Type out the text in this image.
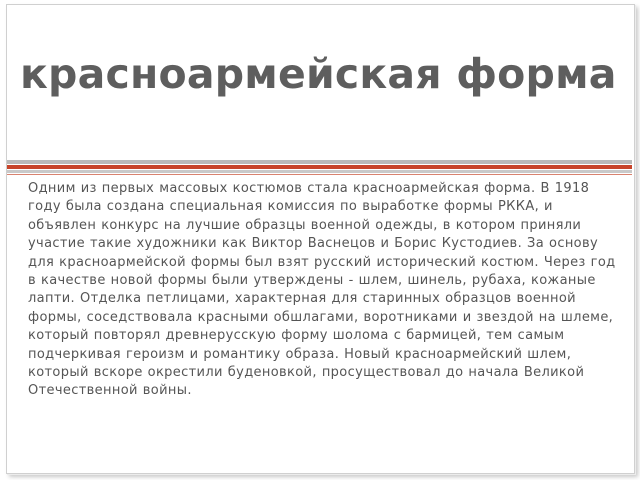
красноармейская форма

Одним из первых массовых костюмов стала красноармейская форма. В 1918 году была создана специальная комиссия по выработке формы РККА, и объявлен конкурс на лучшие образцы военной одежды, в котором приняли участие такие художники как Виктор Васнецов и Борис Кустодиев. За основу для красноармейской формы был взят русский исторический костюм. Через год в качестве новой формы были утверждены - шлем, шинель, рубаха, кожаные лапти. Отделка петлицами, характерная для старинных образцов военной формы, соседствовала красными обшлагами, воротниками и звездой на шлеме, который повторял древнерусскую форму шолома с бармицей, тем самым подчеркивая героизм и романтику образа. Новый красноармейский шлем, который вскоре окрестили буденовкой, просуществовал до начала Великой Отечественной войны.
